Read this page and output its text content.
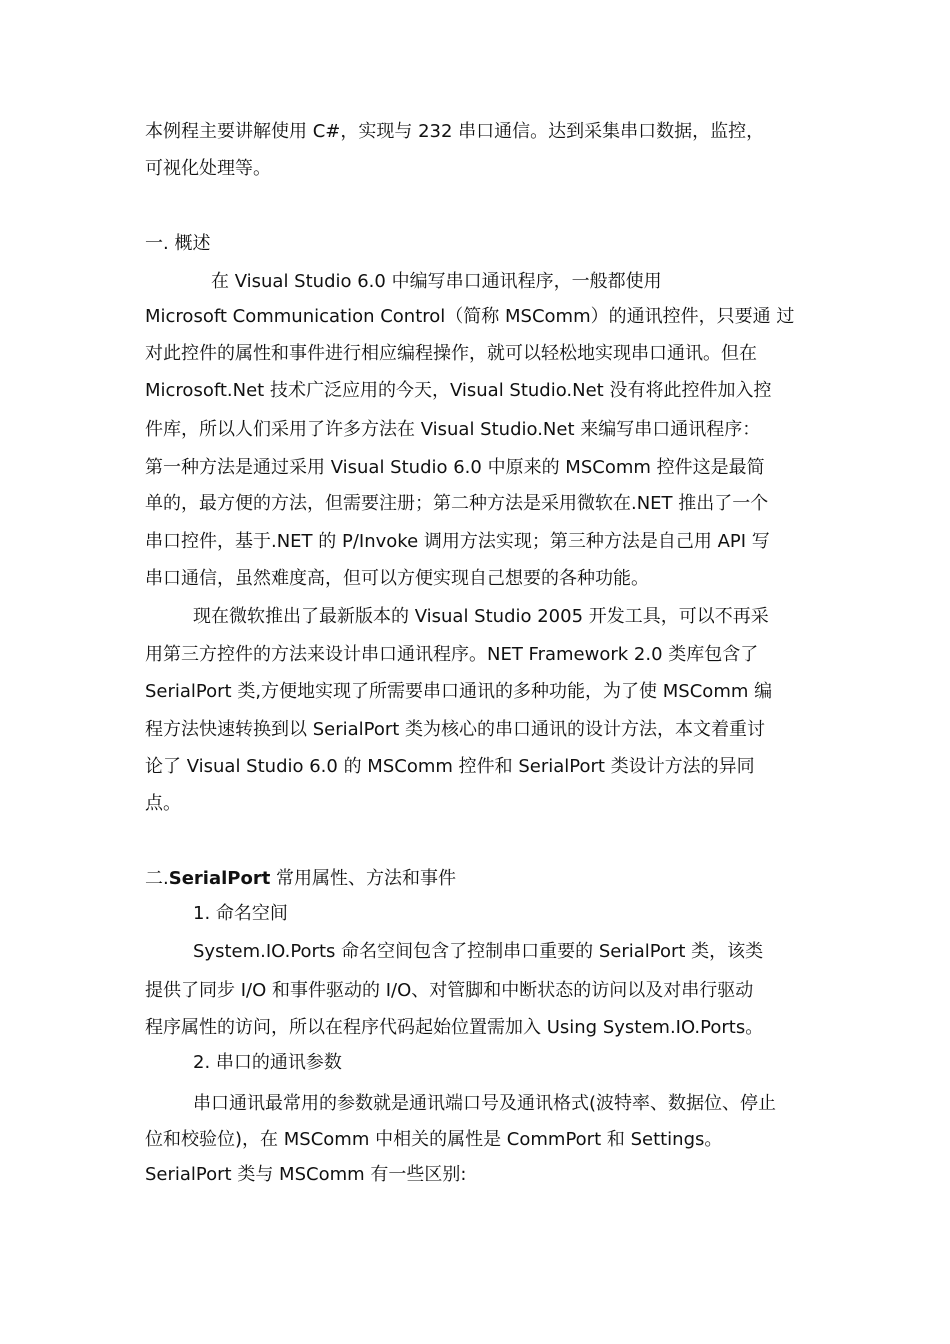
本例程主要讲解使用 C#，实现与 232 串口通信。达到采集串口数据，监控，
可视化处理等。
一. 概述
在 Visual Studio 6.0 中编写串口通讯程序，一般都使用
Microsoft Communication Control（简称 MSComm）的通讯控件，只要通 过
对此控件的属性和事件进行相应编程操作，就可以轻松地实现串口通讯。但在
Microsoft.Net 技术广泛应用的今天，Visual Studio.Net 没有将此控件加入控
件库，所以人们采用了许多方法在 Visual Studio.Net 来编写串口通讯程序：
第一种方法是通过采用 Visual Studio 6.0 中原来的 MSComm 控件这是最简
单的，最方便的方法，但需要注册；第二种方法是采用微软在.NET 推出了一个
串口控件，基于.NET 的 P/Invoke 调用方法实现；第三种方法是自己用 API 写
串口通信，虽然难度高，但可以方便实现自己想要的各种功能。
现在微软推出了最新版本的 Visual Studio 2005 开发工具，可以不再采
用第三方控件的方法来设计串口通讯程序。NET Framework 2.0 类库包含了
SerialPort 类,方便地实现了所需要串口通讯的多种功能，为了使 MSComm 编
程方法快速转换到以 SerialPort 类为核心的串口通讯的设计方法，本文着重讨
论了 Visual Studio 6.0 的 MSComm 控件和 SerialPort 类设计方法的异同
点。
二.SerialPort 常用属性、方法和事件
1. 命名空间
System.IO.Ports 命名空间包含了控制串口重要的 SerialPort 类，该类
提供了同步 I/O 和事件驱动的 I/O、对管脚和中断状态的访问以及对串行驱动
程序属性的访问，所以在程序代码起始位置需加入 Using System.IO.Ports。
2. 串口的通讯参数
串口通讯最常用的参数就是通讯端口号及通讯格式(波特率、数据位、停止
位和校验位)，在 MSComm 中相关的属性是 CommPort 和 Settings。
SerialPort 类与 MSComm 有一些区别:
